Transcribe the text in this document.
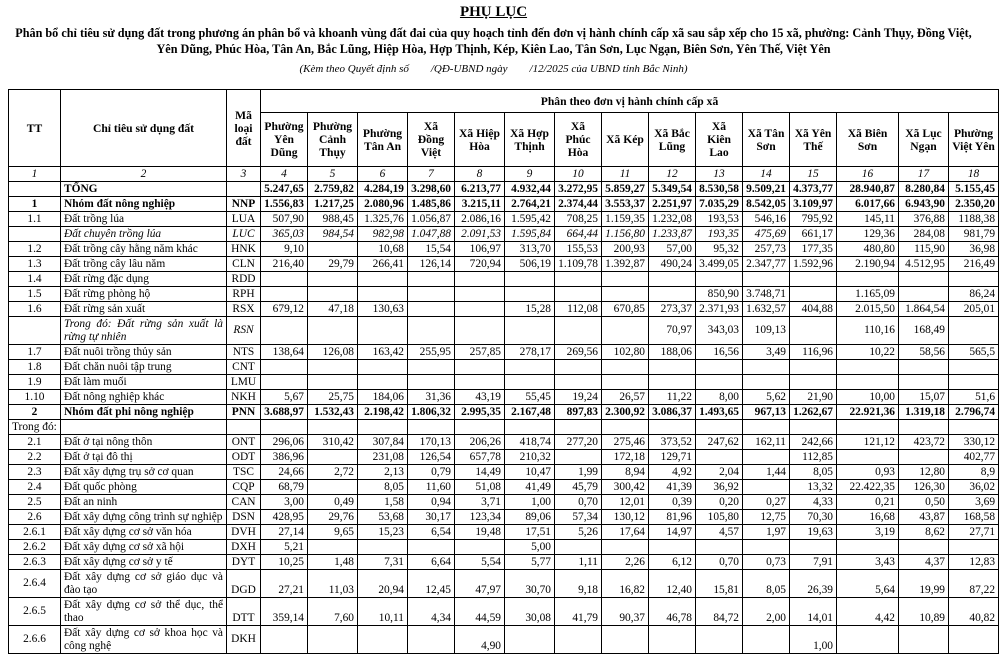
PHỤ LỤC
Phân bổ chỉ tiêu sử dụng đất trong phương án phân bổ và khoanh vùng đất đai của quy hoạch tỉnh đến đơn vị hành chính cấp xã sau sắp xếp cho 15 xã, phường: Cảnh Thụy, Đồng Việt, Yên Dũng, Phúc Hòa, Tân An, Bắc Lũng, Hiệp Hòa, Hợp Thịnh, Kép, Kiên Lao, Tân Sơn, Lục Ngạn, Biên Sơn, Yên Thế, Việt Yên
(Kèm theo Quyết định số        /QĐ-UBND ngày        /12/2025 của UBND tỉnh Bắc Ninh)
TT	Chỉ tiêu sử dụng đất	Mã loại đất	Phân theo đơn vị hành chính cấp xã														
			Phường Yên Dũng	Phường Cảnh Thụy	Phường Tân An	Xã Đồng Việt	Xã Hiệp Hòa	Xã Hợp Thịnh	Xã Phúc Hòa	Xã Kép	Xã Bắc Lũng	Xã Kiên Lao	Xã Tân Sơn	Xã Yên Thế	Xã Biên Sơn	Xã Lục Ngạn	Phường Việt Yên
1	2	3	4	5	6	7	8	9	10	11	12	13	14	15	16	17	18
	TỔNG		5.247,65	2.759,82	4.284,19	3.298,60	6.213,77	4.932,44	3.272,95	5.859,27	5.349,54	8.530,58	9.509,21	4.373,77	28.940,87	8.280,84	5.155,45
1	Nhóm đất nông nghiệp	NNP	1.556,83	1.217,25	2.080,96	1.485,86	3.215,11	2.764,21	2.374,44	3.553,37	2.251,97	7.035,29	8.542,05	3.109,97	6.017,66	6.943,90	2.350,20
1.1	Đất trồng lúa	LUA	507,90	988,45	1.325,76	1.056,87	2.086,16	1.595,42	708,25	1.159,35	1.232,08	193,53	546,16	795,92	145,11	376,88	1188,38
	Đất chuyên trồng lúa	LUC	365,03	984,54	982,98	1.047,88	2.091,53	1.595,84	664,44	1.156,80	1.233,87	193,35	475,69	661,17	129,36	284,08	981,79
1.2	Đất trồng cây hằng năm khác	HNK	9,10		10,68	15,54	106,97	313,70	155,53	200,93	57,00	95,32	257,73	177,35	480,80	115,90	36,98
1.3	Đất trồng cây lâu năm	CLN	216,40	29,79	266,41	126,14	720,94	506,19	1.109,78	1.392,87	490,24	3.499,05	2.347,77	1.592,96	2.190,94	4.512,95	216,49
1.4	Đất rừng đặc dụng	RDD															
1.5	Đất rừng phòng hộ	RPH										850,90	3.748,71		1.165,09		86,24
1.6	Đất rừng sản xuất	RSX	679,12	47,18	130,63			15,28	112,08	670,85	273,37	2.371,93	1.632,57	404,88	2.015,50	1.864,54	205,01
	Trong đó: Đất rừng sản xuất là rừng tự nhiên	RSN									70,97	343,03	109,13		110,16	168,49	
1.7	Đất nuôi trồng thủy sản	NTS	138,64	126,08	163,42	255,95	257,85	278,17	269,56	102,80	188,06	16,56	3,49	116,96	10,22	58,56	565,5
1.8	Đất chăn nuôi tập trung	CNT															
1.9	Đất làm muối	LMU															
1.10	Đất nông nghiệp khác	NKH	5,67	25,75	184,06	31,36	43,19	55,45	19,24	26,57	11,22	8,00	5,62	21,90	10,00	15,07	51,6
2	Nhóm đất phi nông nghiệp	PNN	3.688,97	1.532,43	2.198,42	1.806,32	2.995,35	2.167,48	897,83	2.300,92	3.086,37	1.493,65	967,13	1.262,67	22.921,36	1.319,18	2.796,74
Trong đó:																	
2.1	Đất ở tại nông thôn	ONT	296,06	310,42	307,84	170,13	206,26	418,74	277,20	275,46	373,52	247,62	162,11	242,66	121,12	423,72	330,12
2.2	Đất ở tại đô thị	ODT	386,96		231,08	126,54	657,78	210,32		172,18	129,71			112,85			402,77
2.3	Đất xây dựng trụ sở cơ quan	TSC	24,66	2,72	2,13	0,79	14,49	10,47	1,99	8,94	4,92	2,04	1,44	8,05	0,93	12,80	8,9
2.4	Đất quốc phòng	CQP	68,79		8,05	11,60	51,08	41,49	45,79	300,42	41,39	36,92		13,32	22.422,35	126,30	36,02
2.5	Đất an ninh	CAN	3,00	0,49	1,58	0,94	3,71	1,00	0,70	12,01	0,39	0,20	0,27	4,33	0,21	0,50	3,69
2.6	Đất xây dựng công trình sự nghiệp	DSN	428,95	29,76	53,68	30,17	123,34	89,06	57,34	130,12	81,96	105,80	12,75	70,30	16,68	43,87	168,58
2.6.1	Đất xây dựng cơ sở văn hóa	DVH	27,14	9,65	15,23	6,54	19,48	17,51	5,26	17,64	14,97	4,57	1,97	19,63	3,19	8,62	27,71
2.6.2	Đất xây dựng cơ sở xã hội	DXH	5,21					5,00									
2.6.3	Đất xây dựng cơ sở y tế	DYT	10,25	1,48	7,31	6,64	5,54	5,77	1,11	2,26	6,12	0,70	0,73	7,91	3,43	4,37	12,83
2.6.4	Đất xây dựng cơ sở giáo dục và đào tạo	DGD	27,21	11,03	20,94	12,45	47,97	30,70	9,18	16,82	12,40	15,81	8,05	26,39	5,64	19,99	87,22
2.6.5	Đất xây dựng cơ sở thể dục, thể thao	DTT	359,14	7,60	10,11	4,34	44,59	30,08	41,79	90,37	46,78	84,72	2,00	14,01	4,42	10,89	40,82
2.6.6	Đất xây dựng cơ sở khoa học và công nghệ	DKH					4,90							1,00			
